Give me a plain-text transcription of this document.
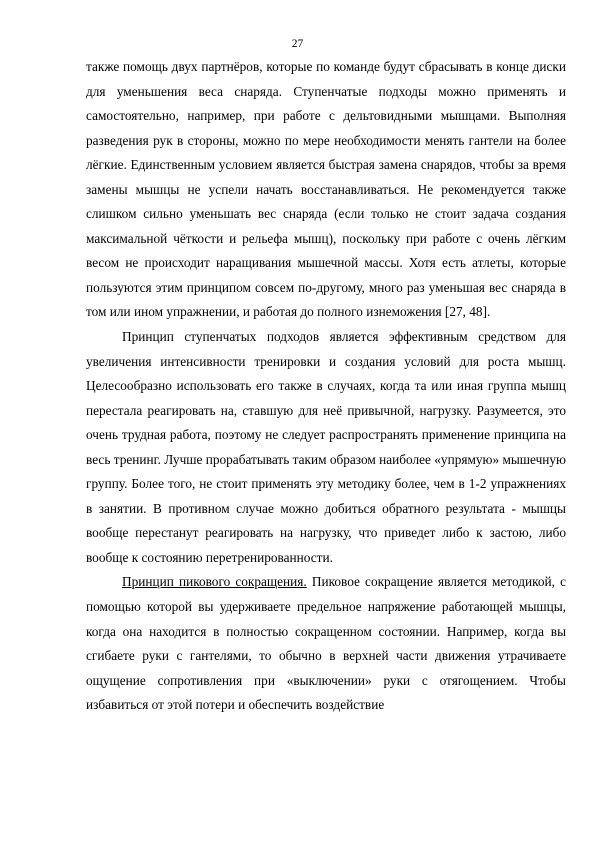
27

также помощь двух партнёров, которые по команде будут сбрасывать в конце диски для уменьшения веса снаряда. Ступенчатые подходы можно применять и самостоятельно, например, при работе с дельтовидными мышцами. Выполняя разведения рук в стороны, можно по мере необходимости менять гантели на более лёгкие. Единственным условием является быстрая замена снарядов, чтобы за время замены мышцы не успели начать восстанавливаться. Не рекомендуется также слишком сильно уменьшать вес снаряда (если только не стоит задача создания максимальной чёткости и рельефа мышц), поскольку при работе с очень лёгким весом не происходит наращивания мышечной массы. Хотя есть атлеты, которые пользуются этим принципом совсем по-другому, много раз уменьшая вес снаряда в том или ином упражнении, и работая до полного изнеможения [27, 48].

Принцип ступенчатых подходов является эффективным средством для увеличения интенсивности тренировки и создания условий для роста мышц. Целесообразно использовать его также в случаях, когда та или иная группа мышц перестала реагировать на, ставшую для неё привычной, нагрузку. Разумеется, это очень трудная работа, поэтому не следует распространять применение принципа на весь тренинг. Лучше прорабатывать таким образом наиболее «упрямую» мышечную группу. Более того, не стоит применять эту методику более, чем в 1-2 упражнениях в занятии. В противном случае можно добиться обратного результата - мышцы вообще перестанут реагировать на нагрузку, что приведет либо к застою, либо вообще к состоянию перетренированности.

Принцип пикового сокращения. Пиковое сокращение является методикой, с помощью которой вы удерживаете предельное напряжение работающей мышцы, когда она находится в полностью сокращенном состоянии. Например, когда вы сгибаете руки с гантелями, то обычно в верхней части движения утрачиваете ощущение сопротивления при «выключении» руки с отягощением. Чтобы избавиться от этой потери и обеспечить воздействие
